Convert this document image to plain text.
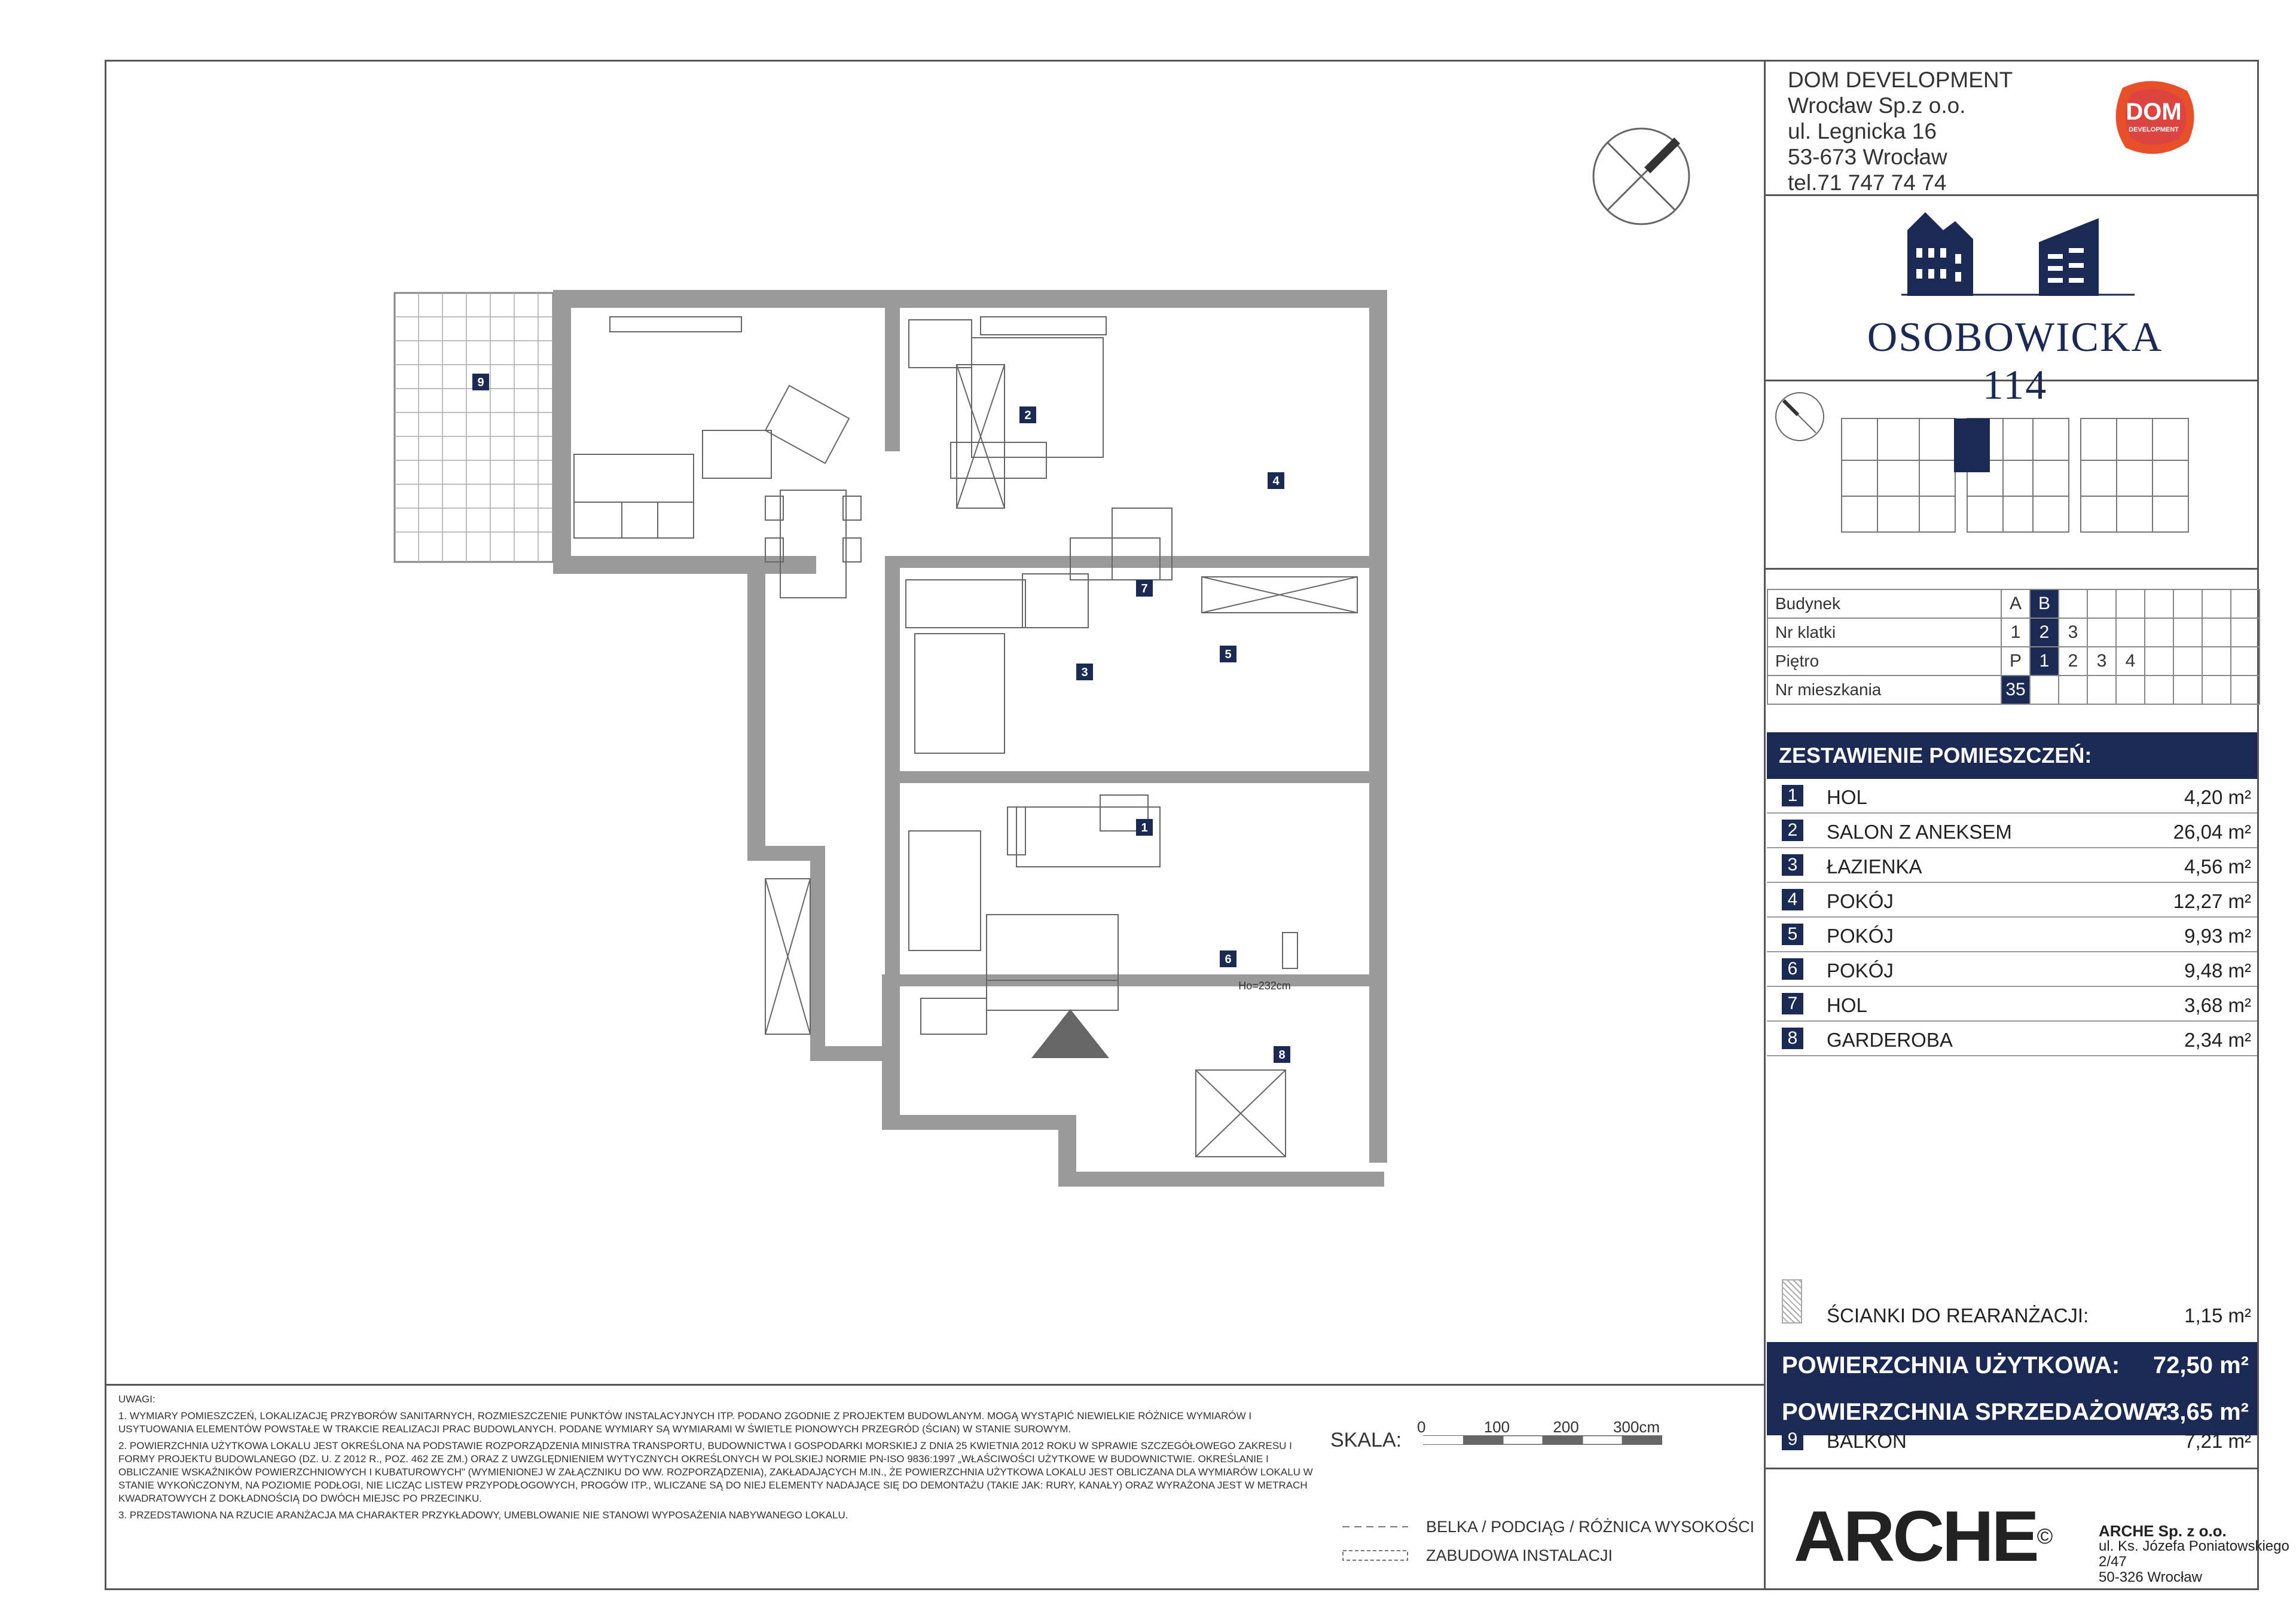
DOM DEVELOPMENT
Wrocław Sp.z o.o.
ul. Legnicka 16
53-673 Wrocław
tel.71 747 74 74
DOM
DEVELOPMENT
OSOBOWICKA 114
Budynek	A	B							
Nr klatki	1	2	3						
Piętro	P	1	2	3	4				
Nr mieszkania	35								
ZESTAWIENIE POMIESZCZEŃ:
1 HOL	4,20 m²
2 SALON Z ANEKSEM	26,04 m²
3 ŁAZIENKA	4,56 m²
4 POKÓJ	12,27 m²
5 POKÓJ	9,93 m²
6 POKÓJ	9,48 m²
7 HOL	3,68 m²
8 GARDEROBA	2,34 m²
ŚCIANKI DO REARANŻACJI:	1,15 m²
POWIERZCHNIA UŻYTKOWA: 72,50 m²
POWIERZCHNIA SPRZEDAŻOWA:
73,65 m²
9 BALKON	7,21 m²
ARCHE©	ARCHE Sp. z o.o.
ul. Ks. Józefa Poniatowskiego 2/47
50-326 Wrocław

UWAGI:

1. WYMIARY POMIESZCZEŃ, LOKALIZACJĘ PRZYBORÓW SANITARNYCH, ROZMIESZCZENIE PUNKTÓW INSTALACYJNYCH ITP. PODANO ZGODNIE Z PROJEKTEM BUDOWLANYM. MOGĄ WYSTĄPIĆ NIEWIELKIE RÓŻNICE WYMIARÓW I USYTUOWANIA ELEMENTÓW POWSTAŁE W TRAKCIE REALIZACJI PRAC BUDOWLANYCH. PODANE WYMIARY SĄ WYMIARAMI W ŚWIETLE PIONOWYCH PRZEGRÓD (ŚCIAN) W STANIE SUROWYM.

2. POWIERZCHNIA UŻYTKOWA LOKALU JEST OKREŚLONA NA PODSTAWIE ROZPORZĄDZENIA MINISTRA TRANSPORTU, BUDOWNICTWA I GOSPODARKI MORSKIEJ Z DNIA 25 KWIETNIA 2012 ROKU W SPRAWIE SZCZEGÓŁOWEGO ZAKRESU I FORMY PROJEKTU BUDOWLANEGO (DZ. U. Z 2012 R., POZ. 462 ZE ZM.) ORAZ Z UWZGLĘDNIENIEM WYTYCZNYCH OKREŚLONYCH W POLSKIEJ NORMIE PN-ISO 9836:1997 „WŁAŚCIWOŚCI UŻYTKOWE W BUDOWNICTWIE. OKREŚLANIE I OBLICZANIE WSKAŹNIKÓW POWIERZCHNIOWYCH I KUBATUROWYCH" (WYMIENIONEJ W ZAŁĄCZNIKU DO WW. ROZPORZĄDZENIA), ZAKŁADAJĄCYCH M.IN., ŻE POWIERZCHNIA UŻYTKOWA LOKALU JEST OBLICZANA DLA WYMIARÓW LOKALU W STANIE WYKOŃCZONYM, NA POZIOMIE PODŁOGI, NIE LICZĄC LISTEW PRZYPODŁOGOWYCH, PROGÓW ITP., WLICZANE SĄ DO NIEJ ELEMENTY NADAJĄCE SIĘ DO DEMONTAŻU (TAKIE JAK: RURY, KANAŁY) ORAZ WYRAŻONA JEST W METRACH KWADRATOWYCH Z DOKŁADNOŚCIĄ DO DWÓCH MIEJSC PO PRZECINKU.

3. PRZEDSTAWIONA NA RZUCIE ARANŻACJA MA CHARAKTER PRZYKŁADOWY, UMEBLOWANIE NIE STANOWI WYPOSAŻENIA NABYWANEGO LOKALU.

SKALA:
0	100	200 300cm
BELKA / PODCIĄG / RÓŻNICA WYSOKOŚCI
ZABUDOWA INSTALACJI
2
4
3
7
5
1
6
8
9
Ho=232cm
